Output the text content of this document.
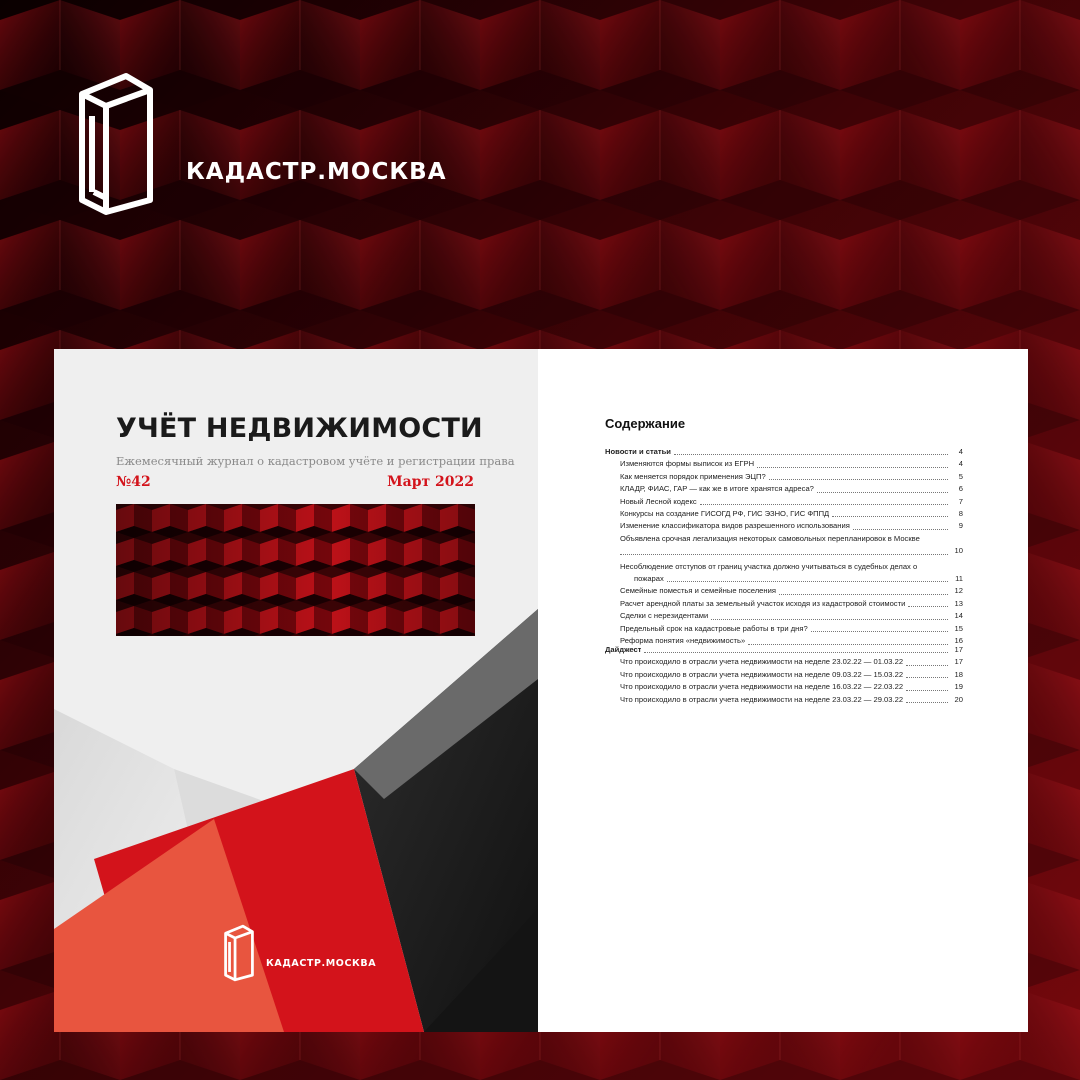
КАДАСТР.МОСКВА
УЧЁТ НЕДВИЖИМОСТИ
Ежемесячный журнал о кадастровом учёте и регистрации права
№42	Март 2022
КАДАСТР.МОСКВА
Содержание
Новости и статьи	4
Изменяются формы выписок из ЕГРН	4
Как меняется порядок применения ЭЦП?	5
КЛАДР, ФИАС, ГАР — как же в итоге хранятся адреса?	6
Новый Лесной кодекс	7
Конкурсы на создание ГИСОГД РФ, ГИС ЭЗНО, ГИС ФППД	8
Изменение классификатора видов разрешенного использования	9
Объявлена срочная легализация некоторых самовольных перепланировок в Москве
10
Несоблюдение отступов от границ участка должно учитываться в судебных делах о
пожарах	11
Семейные поместья и семейные поселения	12
Расчет арендной платы за земельный участок исходя из кадастровой стоимости	13
Сделки с нерезидентами	14
Предельный срок на кадастровые работы в три дня?	15
Реформа понятия «недвижимость»	16
Дайджест	17
Что происходило в отрасли учета недвижимости на неделе 23.02.22 — 01.03.22	17
Что происходило в отрасли учета недвижимости на неделе 09.03.22 — 15.03.22	18
Что происходило в отрасли учета недвижимости на неделе 16.03.22 — 22.03.22	19
Что происходило в отрасли учета недвижимости на неделе 23.03.22 — 29.03.22	20
